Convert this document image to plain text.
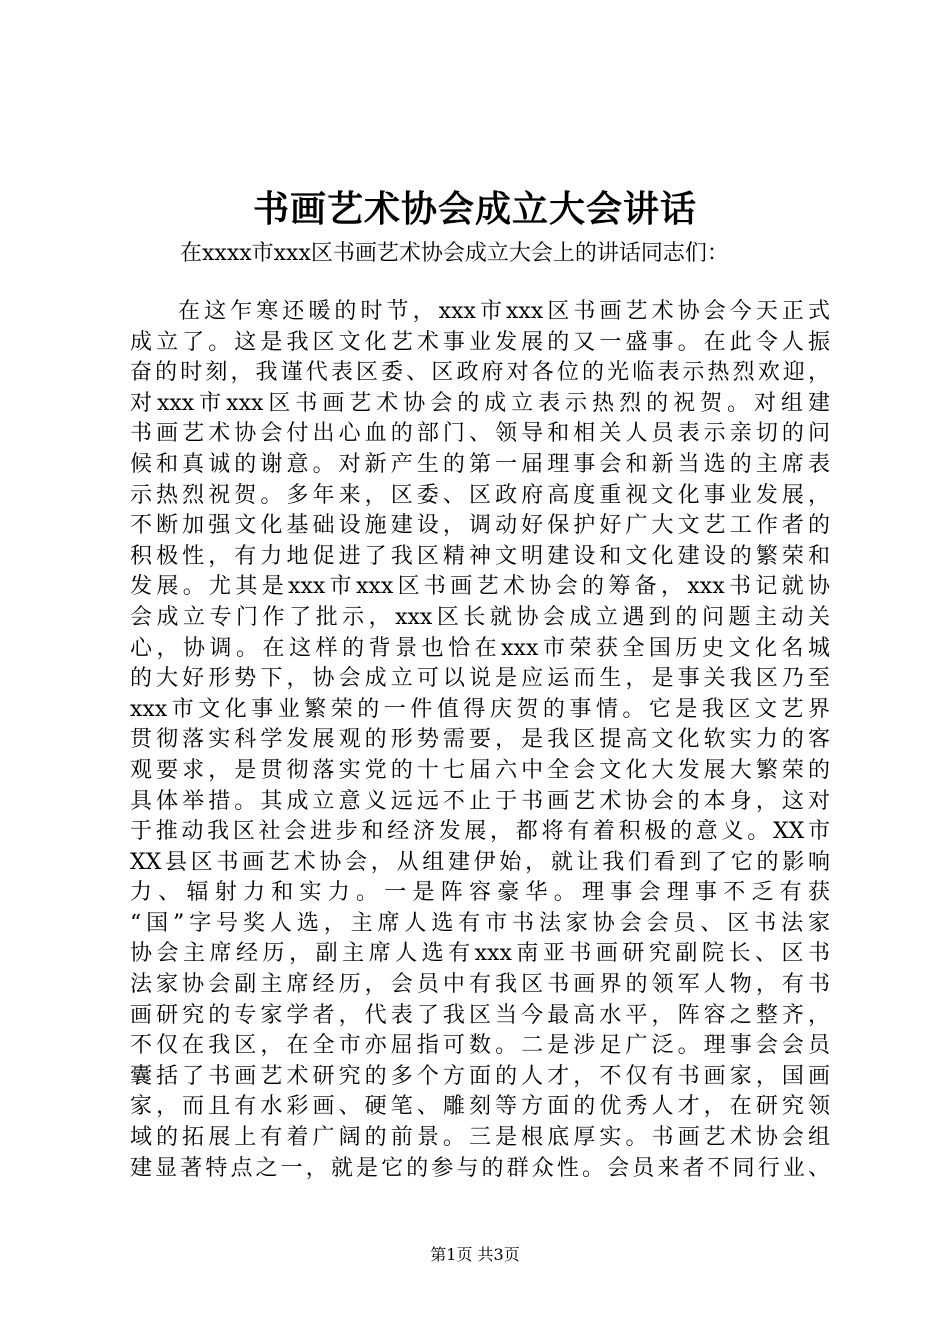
书画艺术协会成立大会讲话
在xxxx市xxx区书画艺术协会成立大会上的讲话同志们：
在这乍寒还暖的时节，xxx市xxx区书画艺术协会今天正式
成立了。这是我区文化艺术事业发展的又一盛事。在此令人振
奋的时刻，我谨代表区委、区政府对各位的光临表示热烈欢迎，
对xxx市xxx区书画艺术协会的成立表示热烈的祝贺。对组建
书画艺术协会付出心血的部门、领导和相关人员表示亲切的问
候和真诚的谢意。对新产生的第一届理事会和新当选的主席表
示热烈祝贺。多年来，区委、区政府高度重视文化事业发展，
不断加强文化基础设施建设，调动好保护好广大文艺工作者的
积极性，有力地促进了我区精神文明建设和文化建设的繁荣和
发展。尤其是xxx市xxx区书画艺术协会的筹备，xxx书记就协
会成立专门作了批示，xxx区长就协会成立遇到的问题主动关
心，协调。在这样的背景也恰在xxx市荣获全国历史文化名城
的大好形势下，协会成立可以说是应运而生，是事关我区乃至
xxx市文化事业繁荣的一件值得庆贺的事情。它是我区文艺界
贯彻落实科学发展观的形势需要，是我区提高文化软实力的客
观要求，是贯彻落实党的十七届六中全会文化大发展大繁荣的
具体举措。其成立意义远远不止于书画艺术协会的本身，这对
于推动我区社会进步和经济发展，都将有着积极的意义。XX市
XX县区书画艺术协会，从组建伊始，就让我们看到了它的影响
力、辐射力和实力。一是阵容豪华。理事会理事不乏有获
“国”字号奖人选，主席人选有市书法家协会会员、区书法家
协会主席经历，副主席人选有xxx南亚书画研究副院长、区书
法家协会副主席经历，会员中有我区书画界的领军人物，有书
画研究的专家学者，代表了我区当今最高水平，阵容之整齐，
不仅在我区，在全市亦屈指可数。二是涉足广泛。理事会会员
囊括了书画艺术研究的多个方面的人才，不仅有书画家，国画
家，而且有水彩画、硬笔、雕刻等方面的优秀人才，在研究领
域的拓展上有着广阔的前景。三是根底厚实。书画艺术协会组
建显著特点之一，就是它的参与的群众性。会员来者不同行业、
第1页 共3页
